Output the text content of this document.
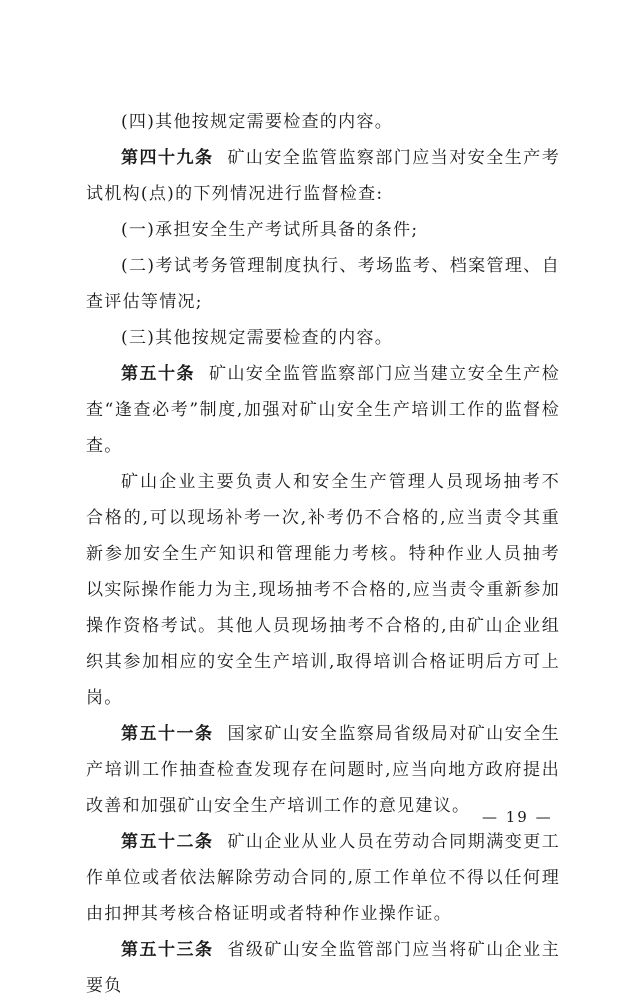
(四)其他按规定需要检查的内容。

第四十九条 矿山安全监管监察部门应当对安全生产考试机构(点)的下列情况进行监督检查:

(一)承担安全生产考试所具备的条件;

(二)考试考务管理制度执行、考场监考、档案管理、自查评估等情况;

(三)其他按规定需要检查的内容。

第五十条 矿山安全监管监察部门应当建立安全生产检查“逢查必考”制度,加强对矿山安全生产培训工作的监督检查。

矿山企业主要负责人和安全生产管理人员现场抽考不合格的,可以现场补考一次,补考仍不合格的,应当责令其重新参加安全生产知识和管理能力考核。特种作业人员抽考以实际操作能力为主,现场抽考不合格的,应当责令重新参加操作资格考试。其他人员现场抽考不合格的,由矿山企业组织其参加相应的安全生产培训,取得培训合格证明后方可上岗。

第五十一条 国家矿山安全监察局省级局对矿山安全生产培训工作抽查检查发现存在问题时,应当向地方政府提出改善和加强矿山安全生产培训工作的意见建议。

第五十二条 矿山企业从业人员在劳动合同期满变更工作单位或者依法解除劳动合同的,原工作单位不得以任何理由扣押其考核合格证明或者特种作业操作证。

第五十三条 省级矿山安全监管部门应当将矿山企业主要负

— 19 —
